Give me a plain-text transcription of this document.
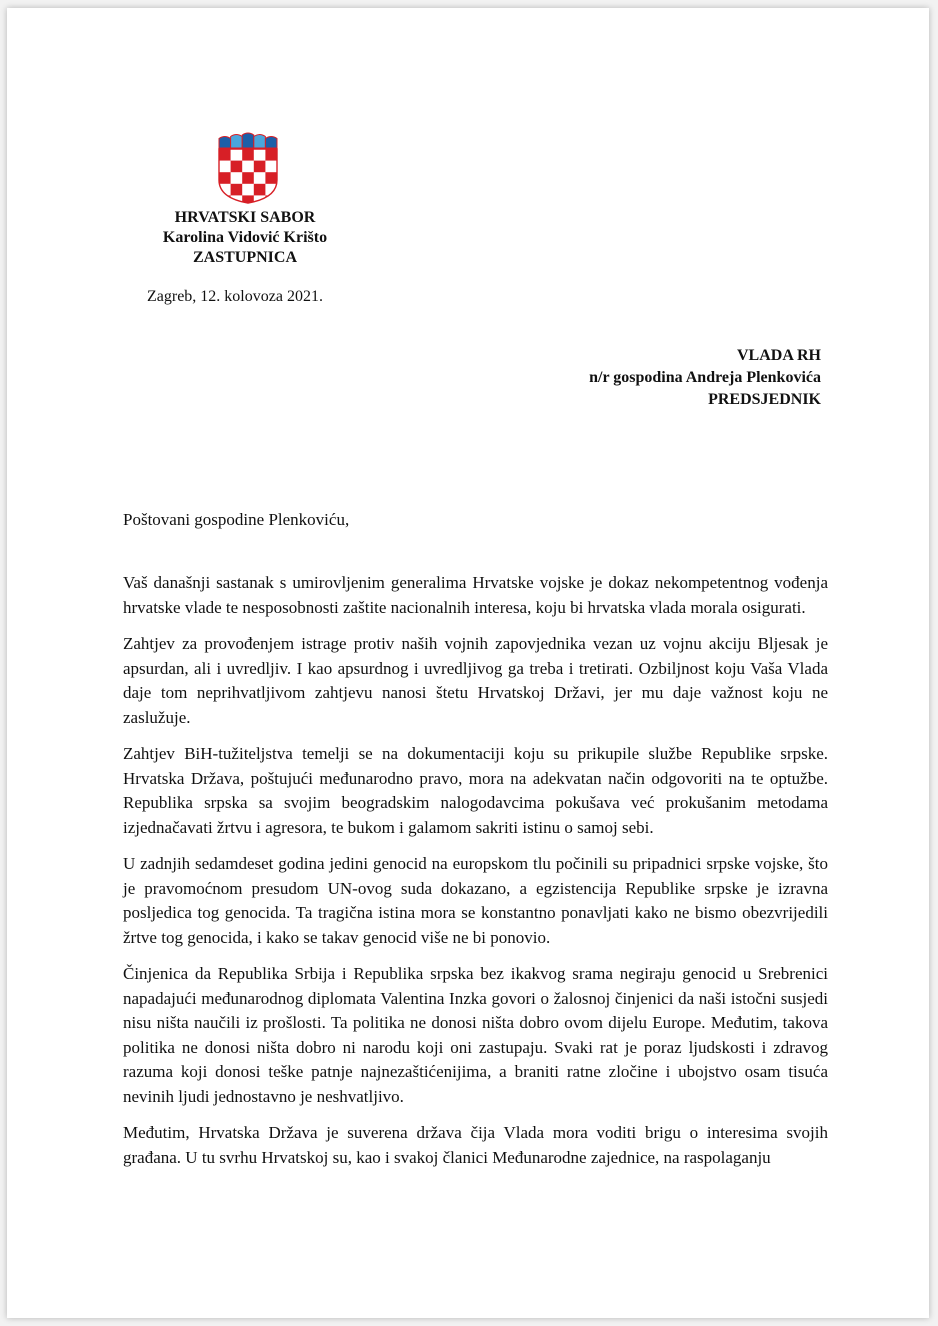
HRVATSKI SABOR
Karolina Vidović Krišto
ZASTUPNICA
Zagreb, 12. kolovoza 2021.
VLADA RH
n/r gospodina Andreja Plenkovića
PREDSJEDNIK
Poštovani gospodine Plenkoviću,

Vaš današnji sastanak s umirovljenim generalima Hrvatske vojske je dokaz nekompetentnog vođenja hrvatske vlade te nesposobnosti zaštite nacionalnih interesa, koju bi hrvatska vlada morala osigurati.

Zahtjev za provođenjem istrage protiv naših vojnih zapovjednika vezan uz vojnu akciju Bljesak je apsurdan, ali i uvredljiv. I kao apsurdnog i uvredljivog ga treba i tretirati. Ozbiljnost koju Vaša Vlada daje tom neprihvatljivom zahtjevu nanosi štetu Hrvatskoj Državi, jer mu daje važnost koju ne zaslužuje.

Zahtjev BiH-tužiteljstva temelji se na dokumentaciji koju su prikupile službe Republike srpske. Hrvatska Država, poštujući međunarodno pravo, mora na adekvatan način odgovoriti na te optužbe. Republika srpska sa svojim beogradskim nalogodavcima pokušava već prokušanim metodama izjednačavati žrtvu i agresora, te bukom i galamom sakriti istinu o samoj sebi.

U zadnjih sedamdeset godina jedini genocid na europskom tlu počinili su pripadnici srpske vojske, što je pravomoćnom presudom UN-ovog suda dokazano, a egzistencija Republike srpske je izravna posljedica tog genocida. Ta tragična istina mora se konstantno ponavljati kako ne bismo obezvrijedili žrtve tog genocida, i kako se takav genocid više ne bi ponovio.

Činjenica da Republika Srbija i Republika srpska bez ikakvog srama negiraju genocid u Srebrenici napadajući međunarodnog diplomata Valentina Inzka govori o žalosnoj činjenici da naši istočni susjedi nisu ništa naučili iz prošlosti. Ta politika ne donosi ništa dobro ovom dijelu Europe. Međutim, takova politika ne donosi ništa dobro ni narodu koji oni zastupaju. Svaki rat je poraz ljudskosti i zdravog razuma koji donosi teške patnje najnezaštićenijima, a braniti ratne zločine i ubojstvo osam tisuća nevinih ljudi jednostavno je neshvatljivo.

Međutim, Hrvatska Država je suverena država čija Vlada mora voditi brigu o interesima svojih građana. U tu svrhu Hrvatskoj su, kao i svakoj članici Međunarodne zajednice, na raspolaganju
